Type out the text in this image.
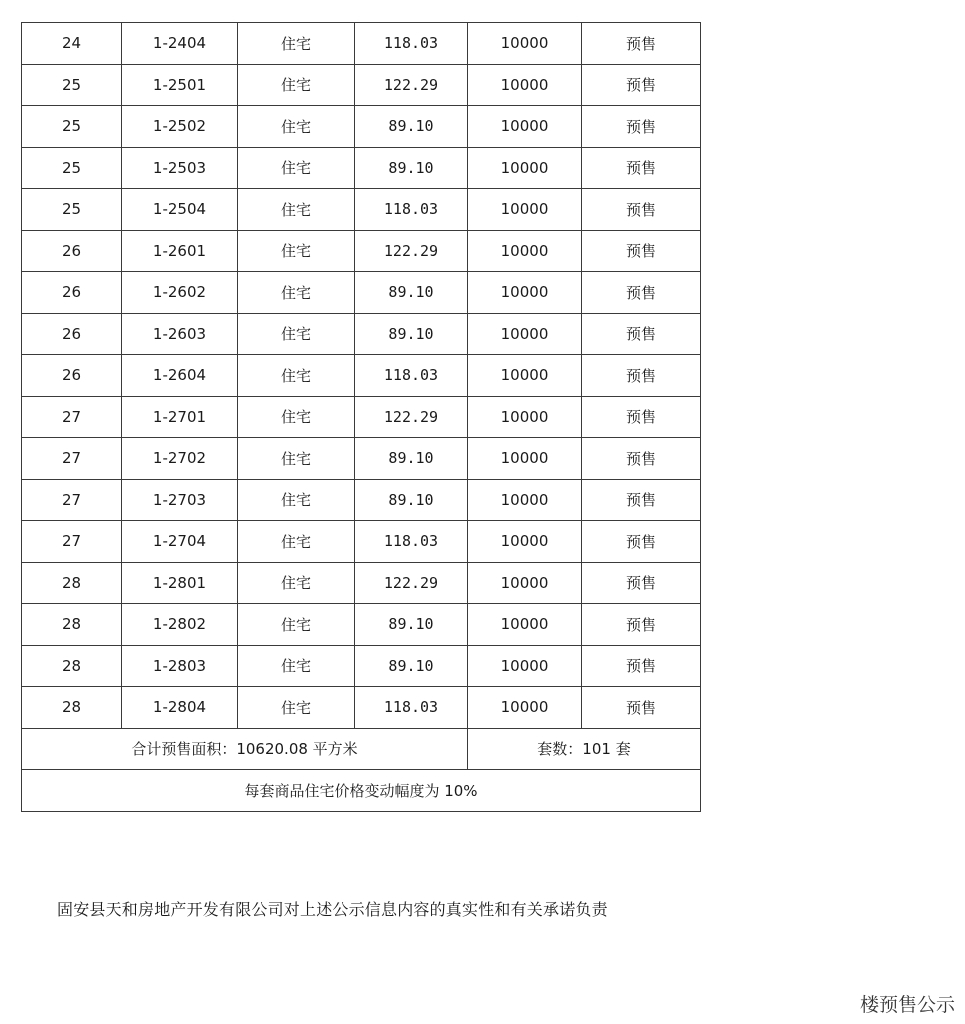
24	1-2404	住宅	118.03	10000	预售
25	1-2501	住宅	122.29	10000	预售
25	1-2502	住宅	89.10	10000	预售
25	1-2503	住宅	89.10	10000	预售
25	1-2504	住宅	118.03	10000	预售
26	1-2601	住宅	122.29	10000	预售
26	1-2602	住宅	89.10	10000	预售
26	1-2603	住宅	89.10	10000	预售
26	1-2604	住宅	118.03	10000	预售
27	1-2701	住宅	122.29	10000	预售
27	1-2702	住宅	89.10	10000	预售
27	1-2703	住宅	89.10	10000	预售
27	1-2704	住宅	118.03	10000	预售
28	1-2801	住宅	122.29	10000	预售
28	1-2802	住宅	89.10	10000	预售
28	1-2803	住宅	89.10	10000	预售
28	1-2804	住宅	118.03	10000	预售
合计预售面积：10620.08 平方米				套数：101 套	
每套商品住宅价格变动幅度为 10%					
固安县天和房地产开发有限公司对上述公示信息内容的真实性和有关承诺负责
楼预售公示
